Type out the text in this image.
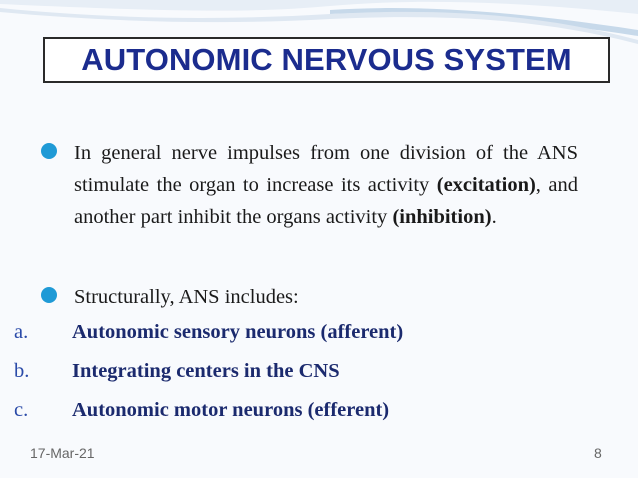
AUTONOMIC NERVOUS SYSTEM
In general nerve impulses from one division of the ANS stimulate the organ to increase its activity (excitation), and another part inhibit the organs activity (inhibition).
Structurally, ANS includes:
a. Autonomic sensory neurons (afferent)
b. Integrating centers in the CNS
c. Autonomic motor neurons (efferent)
17-Mar-21	8
